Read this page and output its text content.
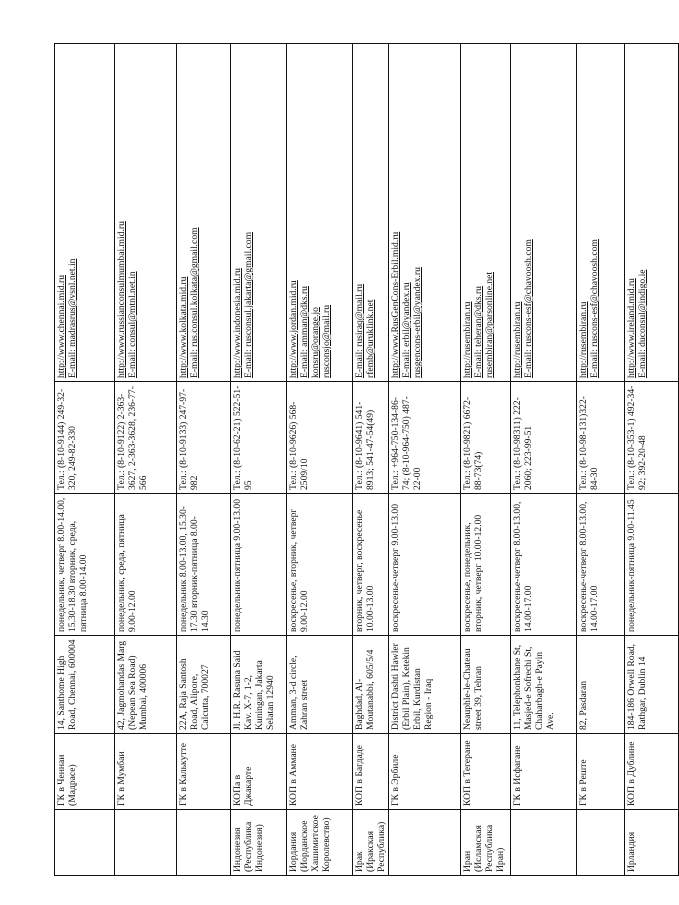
	ГК в Ченнаи (Мадрасе)	14, Santhome High Road, Chennai, 600004	понедельник, четверг 8.00-14.00, 15.30-18.30 вторник, среда, пятница 8.00-14.00	Тел.: (8-10-9144) 249-32-320, 249-82-330	http://www.chennai.mid.ru E-mail: madrasrus@vsnl.net.in

	ГК в Мумбаи	42, Jagmohandas Marg (Nepean Sea Road) Mumbai, 400006	понедельник, среда, пятница 9.00-12.00	Тел.: (8-10-9122) 2-363-3627, 2-363-3628, 236-77-566	http://www.russianconsulmumbai.mid.ru E-mail: consul@mtnl.net.in

	ГК в Калькутте	22A, Raja Santosh Road, Alipore, Calcutta, 700027	понедельник 8.00-13.00, 15.30-17.30 вторник-пятница 8.00-14.30	Тел.: (8-10-9133) 247-97-982	http://www.kolkata.mid.ru E-mail: rus.consul.kolkata@gmail.com

Индонезия (Республика Индонезия)	КОПа в Джакарте	Jl. H.R. Rasuna Said Kav. X-7, 1-2, Kuningan, Jakarta Selatan 12940	понедельник-пятница 9.00-13.00	Тел.: (8-10-62-21) 522-51-95	http://www.indonesia.mid.ru E-mail: rusconsul.jakarta@gmail.com

Иордания (Иорданское Хашимитское Королевство)	КОП в Аммане	Amman, 3-d circle, Zahran street	воскресенье, вторник, четверг 9.00-12.00	Тел.: (8-10-9626) 568-2509/10	http://www.jordan.mid.ru E-mail: amman@dks.ru konsru@orange.jo rusconsjo@mail.ru

Ирак (Иракская Республика)	КОП в Багдаде	Baghdad, Al-Moutanabbi, 605/5/4	вторник, четверг, воскресенье 10.00-13.00	Тел.: (8-10-9641) 541-8913; 541-47-54(49)	E-mail: rusiraq@mail.ru rfemb@uruklink.net

	ГК в Эрбиле	District Dashti Hawler (Erbil Plain), Ketekin Erbil, Kurdistan Region - Iraq	воскресенье-четверг 9.00-13.00	Тел.: +964-750-134-86-74; (8-10-964-750) 487-22-00	http://www.RusGenCons-Erbil.mid.ru E-mail: erbil@yandex.ru rusgencons-erbil@yandex.ru

Иран (Исламская Республика Иран)	КОП в Тегеране	Neauphle-le-Chateau street 39, Tehran	воскресенье, понедельник, вторник, четверг 10.00-12.00	Тел.: (8-10-9821) 6672-88-73(74)	http://rusembiran.ru E-mail: teheran@dks.ru rusembiran@parsonline.net

	ГК в Исфагане	11, Telephonkhane St, Masjed-e Sofrechi St, Chaharbagh-e Payin Ave.	воскресенье-четверг 8.00-13.00, 14.00-17.00	Тел.: (8-10-98311) 222-2060; 223-99-51	http://rusembiran.ru E-mail: ruscons-esf@chavoosh.com

	ГК в Реште	82, Pasdaran	воскресенье-четверг 8.00-13.00, 14.00-17.00	Тел.: (8-10-98-131)322-84-30	http://rusembiran.ru E-mail: ruscons-esf@chavoosh.com

Ирландия	КОП в Дублине	184-186 Orwell Road, Rathgar, Dublin 14	понедельник-пятница 9.00-11.45	Тел.: (8-10-353-1) 492-34-92; 392-20-48	http://www.ireland.mid.ru E-mail: duconsul@indigo.ie
